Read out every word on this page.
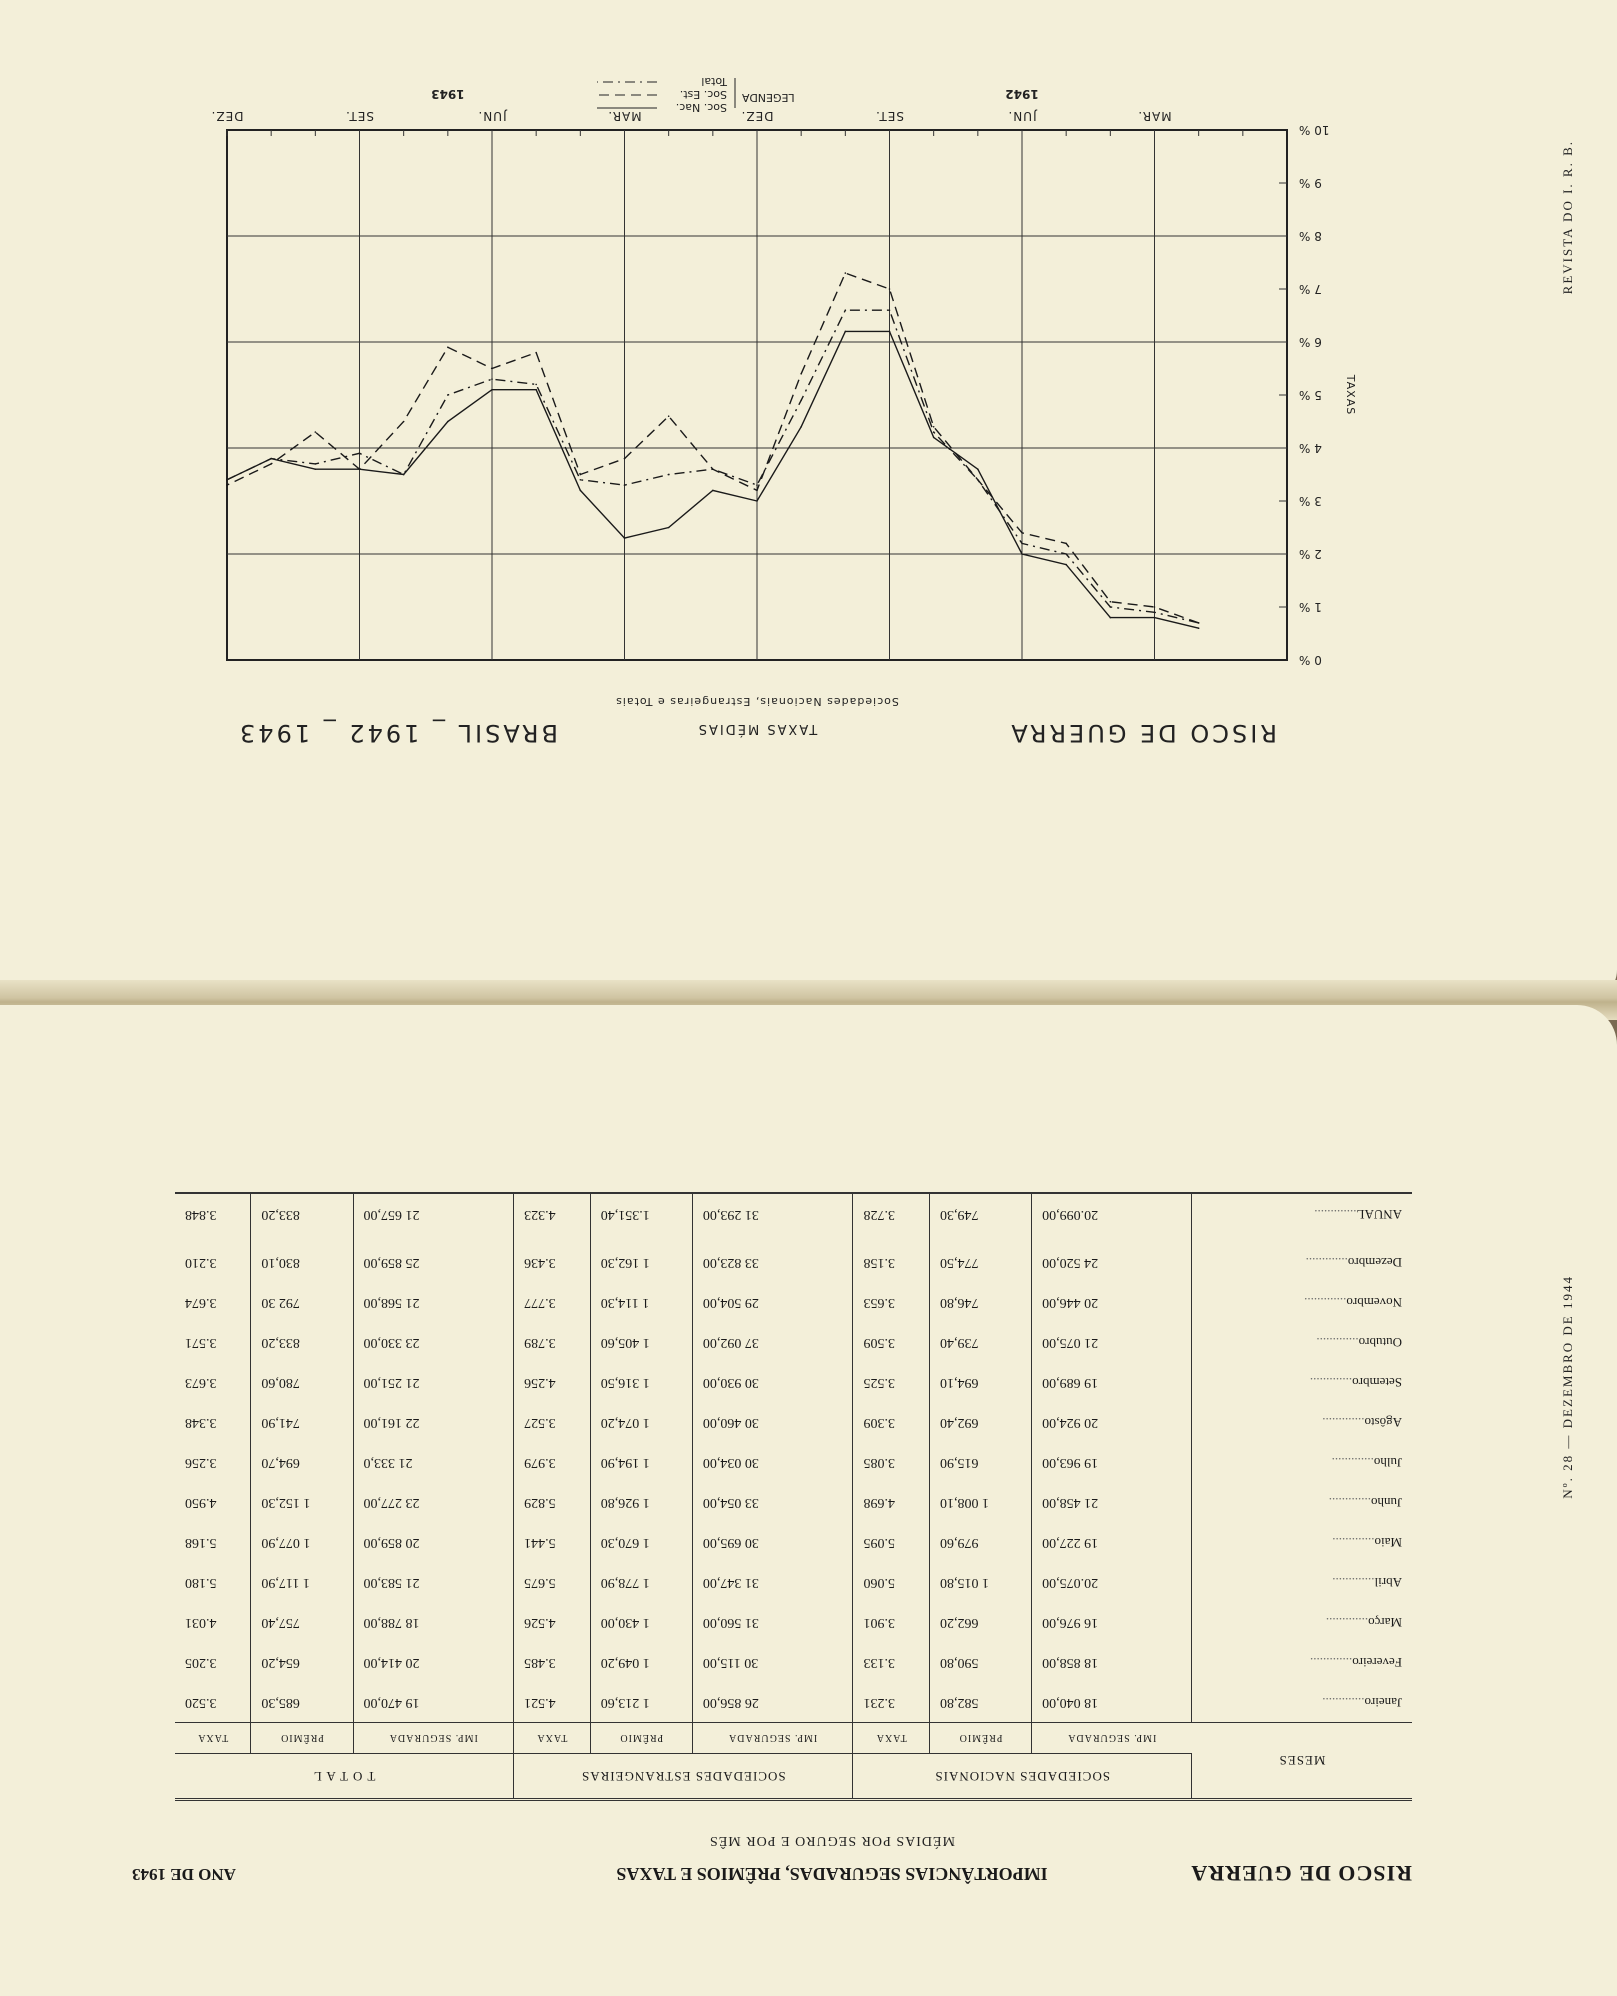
REVISTA DO I. R. B.
0 %
1 %
2 %
3 %
4 %
5 %
6 %
7 %
8 %
9 %
10 %
MAR.
JUN.
SET.
DEZ.
MAR.
JUN.
SET.
DEZ.
1942
1943
TAXAS
RISCO DE GUERRA
TAXAS MÉDIAS
BRASIL _ 1942 _ 1943
Sociedades Nacionais, Estrangeiras e Totais
LEGENDA
Soc. Nac.
Soc. Est.
Total
RISCO DE GUERRA
IMPORTÂNCIAS SEGURADAS, PRÊMIOS E TAXAS
ANO DE 1943
MÉDIAS POR SEGURO E POR MÊS
MESES	SOCIEDADES NACIONAIS			SOCIEDADES ESTRANGEIRAS			T O T A L		
	IMP. SEGURADA	PRÊMIO	TAXA	IMP. SEGURADA	PRÊMIO	TAXA	IMP. SEGURADA	PRÊMIO	TAXA
Janeiro.............	18 040,00	582,80	3.231	26 856,00	1 213,60	4.521	19 470,00	685,30	3.520
Fevereiro.............	18 858,00	590,80	3.133	30 115,00	1 049,20	3.485	20 414,00	654,20	3.205
Março.............	16 976,00	662,20	3.901	31 560,00	1 430,00	4.526	18 788,00	757,40	4.031
Abril.............	20.075,00	1 015,80	5.060	31 347,00	1 778,90	5.675	21 583,00	1 117,90	5.180
Maio.............	19 227,00	979,60	5.095	30 695,00	1 670,30	5.441	20 859,00	1 077,90	5.168
Junho.............	21 458,00	1 008,10	4.698	33 054,00	1 926,80	5.829	23 277,00	1 152,30	4.950
Julho.............	19 963,00	615,90	3.085	30 034,00	1 194,90	3.979	21 333,0	694,70	3.256
Agôsto.............	20 924,00	692,40	3.309	30 460,00	1 074,20	3.527	22 161,00	741,90	3.348
Setembro.............	19 689,00	694,10	3.525	30 930,00	1 316,50	4.256	21 251,00	780,60	3.673
Outubro.............	21 075,00	739,40	3.509	37 092,00	1 405,60	3.789	23 330,00	833,20	3.571
Novembro.............	20 446,00	746,80	3.653	29 504,00	1 114,30	3.777	21 568,00	792 30	3.674
Dezembro.............	24 520,00	774,50	3.158	33 823,00	1 162,30	3.436	25 859,00	830,10	3.210
ANUAL.............	20.099,00	749,30	3.728	31 293,00	1.351,40	4.323	21 657,00	833,20	3.848
Nº. 28 — DEZEMBRO DE 1944
